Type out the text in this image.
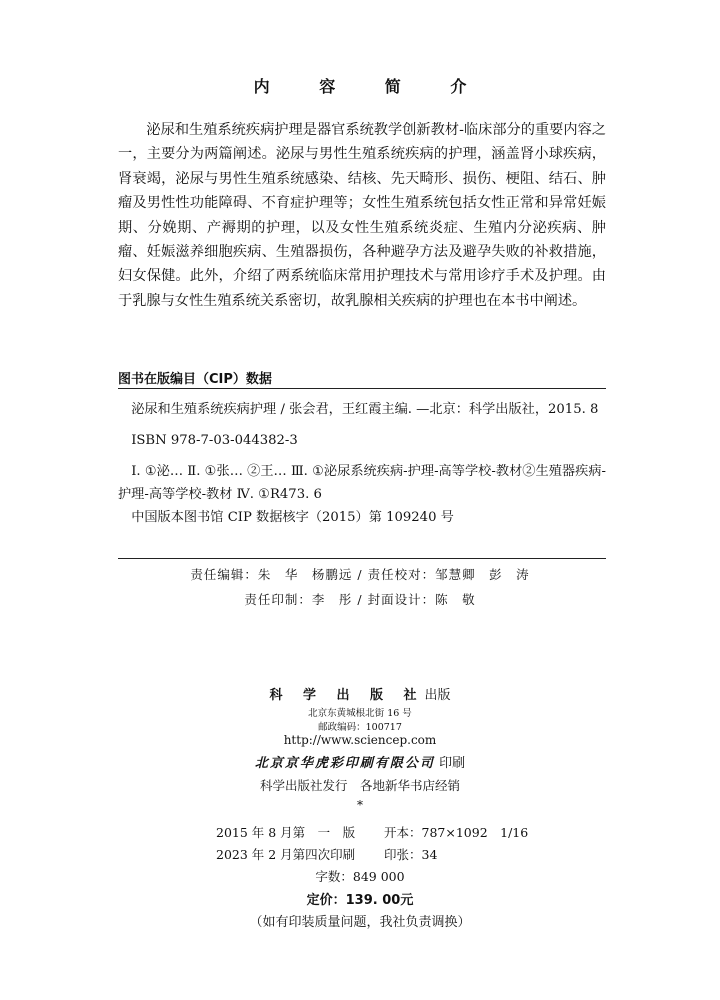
内 容 简 介

泌尿和生殖系统疾病护理是器官系统教学创新教材-临床部分的重要内容之一，主要分为两篇阐述。泌尿与男性生殖系统疾病的护理，涵盖肾小球疾病，肾衰竭，泌尿与男性生殖系统感染、结核、先天畸形、损伤、梗阻、结石、肿瘤及男性性功能障碍、不育症护理等；女性生殖系统包括女性正常和异常妊娠期、分娩期、产褥期的护理，以及女性生殖系统炎症、生殖内分泌疾病、肿瘤、妊娠滋养细胞疾病、生殖器损伤，各种避孕方法及避孕失败的补救措施，妇女保健。此外，介绍了两系统临床常用护理技术与常用诊疗手术及护理。由于乳腺与女性生殖系统关系密切，故乳腺相关疾病的护理也在本书中阐述。

图书在版编目（CIP）数据

泌尿和生殖系统疾病护理 / 张会君，王红霞主编. —北京：科学出版社，2015. 8

ISBN 978-7-03-044382-3

Ⅰ. ①泌… Ⅱ. ①张… ②王… Ⅲ. ①泌尿系统疾病-护理-高等学校-教材②生殖器疾病-护理-高等学校-教材 Ⅳ. ①R473. 6

中国版本图书馆 CIP 数据核字（2015）第 109240 号

责任编辑：朱　华　杨鹏远 / 责任校对：邹慧卿　彭　涛
责任印制：李　彤 / 封面设计：陈　敬
科 学 出 版 社出版
北京东黄城根北街 16 号
邮政编码：100717
http://www.sciencep.com
北京京华虎彩印刷有限公司 印刷
科学出版社发行　各地新华书店经销
*
2015 年 8 月第　一　版 开本：787×1092　1/16
2023 年 2 月第四次印刷 印张：34
字数：849 000
定价：139. 00元
（如有印装质量问题，我社负责调换）
